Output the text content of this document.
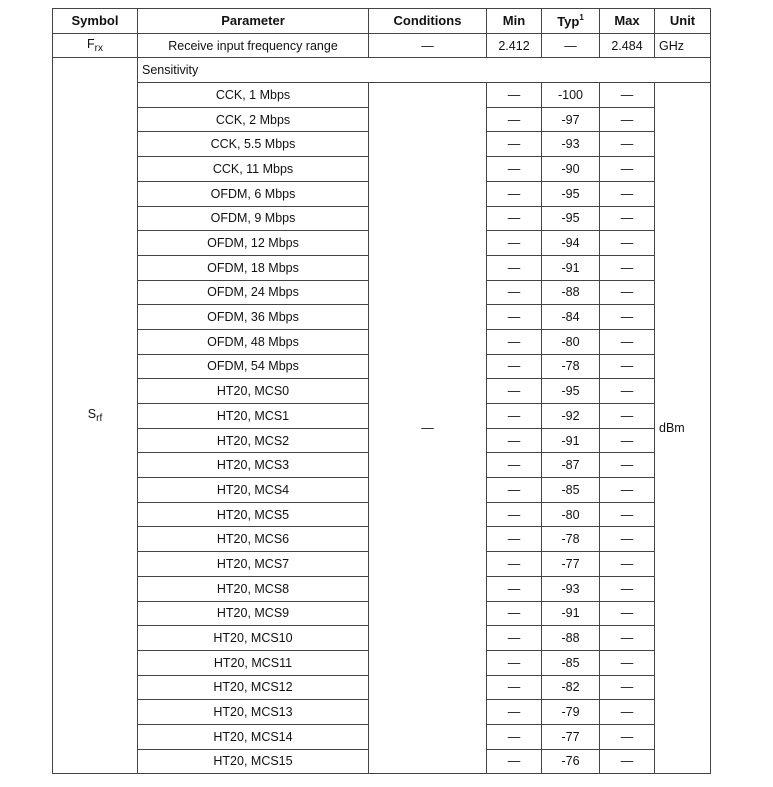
Symbol	Parameter	Conditions	Min	Typ$^1$	Max	Unit
$F_{rx}$	Receive input frequency range	—	2.412	—	2.484	GHz
$S_{rf}$	Sensitivity					
	CCK, 1 Mbps	—	—	-100	—	dBm
	CCK, 2 Mbps		—	-97	—	
	CCK, 5.5 Mbps		—	-93	—	
	CCK, 11 Mbps		—	-90	—	
	OFDM, 6 Mbps		—	-95	—	
	OFDM, 9 Mbps		—	-95	—	
	OFDM, 12 Mbps		—	-94	—	
	OFDM, 18 Mbps		—	-91	—	
	OFDM, 24 Mbps		—	-88	—	
	OFDM, 36 Mbps		—	-84	—	
	OFDM, 48 Mbps		—	-80	—	
	OFDM, 54 Mbps		—	-78	—	
	HT20, MCS0		—	-95	—	
	HT20, MCS1		—	-92	—	
	HT20, MCS2		—	-91	—	
	HT20, MCS3		—	-87	—	
	HT20, MCS4		—	-85	—	
	HT20, MCS5		—	-80	—	
	HT20, MCS6		—	-78	—	
	HT20, MCS7		—	-77	—	
	HT20, MCS8		—	-93	—	
	HT20, MCS9		—	-91	—	
	HT20, MCS10		—	-88	—	
	HT20, MCS11		—	-85	—	
	HT20, MCS12		—	-82	—	
	HT20, MCS13		—	-79	—	
	HT20, MCS14		—	-77	—	
	HT20, MCS15		—	-76	—	
